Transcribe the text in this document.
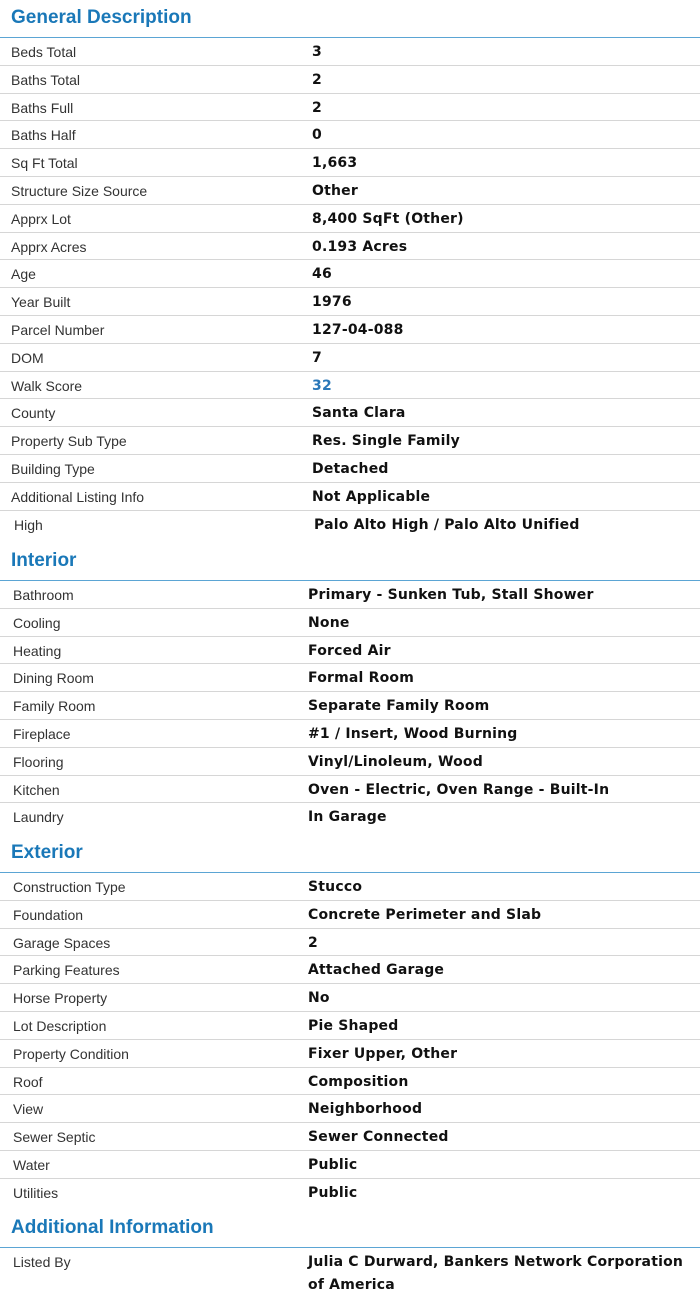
General Description
Beds Total	3
Baths Total	2
Baths Full	2
Baths Half	0
Sq Ft Total	1,663
Structure Size Source	Other
Apprx Lot	8,400 SqFt (Other)
Apprx Acres	0.193 Acres
Age	46
Year Built	1976
Parcel Number	127-04-088
DOM	7
Walk Score	32
County	Santa Clara
Property Sub Type	Res. Single Family
Building Type	Detached
Additional Listing Info	Not Applicable
High	Palo Alto High / Palo Alto Unified
Interior
Bathroom	Primary - Sunken Tub, Stall Shower
Cooling	None
Heating	Forced Air
Dining Room	Formal Room
Family Room	Separate Family Room
Fireplace	#1 / Insert, Wood Burning
Flooring	Vinyl/Linoleum, Wood
Kitchen	Oven - Electric, Oven Range - Built-In
Laundry	In Garage
Exterior
Construction Type	Stucco
Foundation	Concrete Perimeter and Slab
Garage Spaces	2
Parking Features	Attached Garage
Horse Property	No
Lot Description	Pie Shaped
Property Condition	Fixer Upper, Other
Roof	Composition
View	Neighborhood
Sewer Septic	Sewer Connected
Water	Public
Utilities	Public
Additional Information
Listed By	Julia C Durward, Bankers Network Corporation of America
